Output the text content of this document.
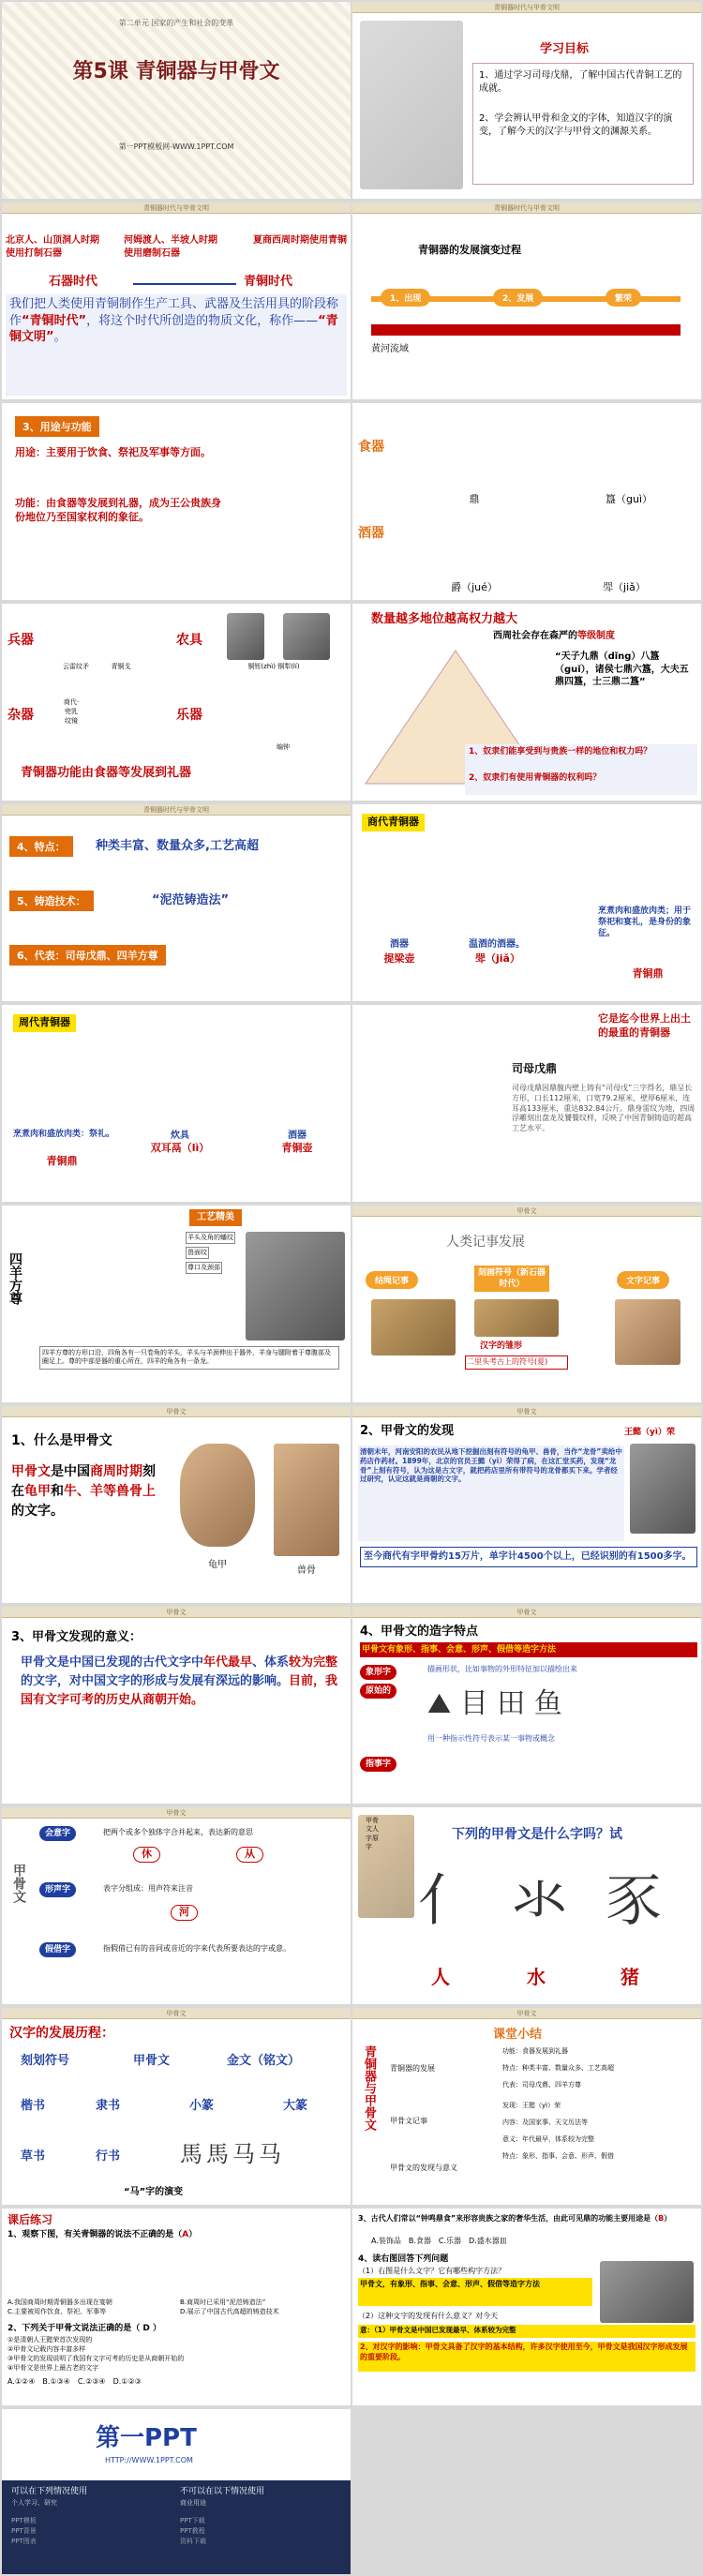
第二单元 国家的产生和社会的变革
第5课 青铜器与甲骨文
第一PPT模板网-WWW.1PPT.COM
青铜器时代与甲骨文明
学习目标
1、通过学习司母戊鼎，了解中国古代青铜工艺的成就。
2、学会辨认甲骨和金文的字体，知道汉字的演变，了解今天的汉字与甲骨文的渊源关系。
青铜器时代与甲骨文明
北京人、山顶洞人时期使用打制石器
河姆渡人、半坡人时期使用磨制石器
夏商西周时期使用青铜
石器时代	青铜时代
我们把人类使用青铜制作生产工具、武器及生活用具的阶段称作“青铜时代”，将这个时代所创造的物质文化，称作——“青铜文明”。
青铜器时代与甲骨文明
青铜器的发展演变过程
1、出现	2、发展	繁荣
黄河流域
3、用途与功能
用途：主要用于饮食、祭祀及军事等方面。
功能：由食器等发展到礼器，成为王公贵族身份地位乃至国家权利的象征。
食器
酒器
鼎	簋（guì）
爵（jué）	斝（jiǎ）
兵器
云雷纹矛	青铜戈
农具
铜铚(zhì) 铜犁(lí)
杂器
商代·兜乳纹镜	乐器
编钟
青铜器功能由食器等发展到礼器
数量越多地位越高权力越大
西周社会存在森严的等级制度
“天子九鼎（dǐng）八簋（guǐ），诸侯七鼎六簋，大夫五鼎四簋，士三鼎二簋”
1、奴隶们能享受到与贵族一样的地位和权力吗？
2、奴隶们有使用青铜器的权利吗？
青铜器时代与甲骨文明
4、特点：	种类丰富、数量众多,工艺高超
5、铸造技术：	“泥范铸造法”
6、代表：司母戊鼎、四羊方尊
商代青铜器
酒器
提梁壶
温酒的酒器。
斝（jiǎ）
烹煮肉和盛放肉类；用于祭祀和宴礼，是身份的象征。
青铜鼎
周代青铜器
烹煮肉和盛放肉类：祭礼。
青铜鼎
炊具
双耳鬲（lì）
酒器
青铜壶
它是迄今世界上出土的最重的青铜器
司母戊鼎
司母戊鼎因鼎腹内壁上铸有“司母戊”三字得名，鼎呈长方形，口长112厘米，口宽79.2厘米，壁厚6厘米，连耳高133厘米，重达832.84公斤。鼎身雷纹为地，四周浮雕刻出盘龙及饕餮纹样，反映了中国青铜铸造的超高工艺水平。
四羊方尊
工艺精美
羊头及角的蟠纹
兽面纹
尊口及颈部
四羊方尊的方形口沿，四角各有一只卷角的羊头，羊头与羊颈伸出于器外，羊身与腿附着于尊腹部及圈足上。尊的中部是器的重心所在，四羊的角各有一条龙。
甲骨文
人类记事发展
结绳记事
刻画符号（新石器时代）	文字记事
汉字的雏形
二里头考古上的符号(夏)
甲骨文
1、什么是甲骨文
甲骨文是中国商周时期刻在龟甲和牛、羊等兽骨上的文字。
龟甲
兽骨
甲骨文
2、甲骨文的发现	王懿（yì）荣
清朝末年，河南安阳的农民从地下挖掘出刻有符号的龟甲、兽骨，当作“龙骨”卖给中药店作药材。1899年，北京的官员王懿（yì）荣得了病，在这汇堂买药，发现“龙骨”上刻有符号，认为这是古文字，就把药店里所有带符号的龙骨都买下来。学者经过研究，认定这就是商朝的文字。
至今商代有字甲骨约15万片，单字计4500个以上，已经识别的有1500多字。
甲骨文
3、甲骨文发现的意义：
甲骨文是中国已发现的古代文字中年代最早、体系较为完整的文字，对中国文字的形成与发展有深远的影响。目前，我国有文字可考的历史从商朝开始。
甲骨文
4、甲骨文的造字特点
甲骨文有象形、指事、会意、形声、假借等造字方法
象形字	描画形状，比如事物的外形特征加以描绘出来
原始的 ⛰ 目 田 鱼
用一种指示性符号表示某一事物或概念
指事字
甲骨文
甲骨文
会意字	把两个或多个独体字合并起来，表达新的意思
休	从
形声字	表字分组成：用声符来注音
河
假借字	指假借已有的音同或音近的字来代表所要表达的字或意。
甲骨文人字原字
下列的甲骨文是什么字吗？试
亻 氺 豕
人	水	猪
甲骨文
汉字的发展历程：
刻划符号	甲骨文	金文（铭文）
大篆
小篆
隶书
楷书
草书	行书
“马”字的演变
馬馬马马
甲骨文
课堂小结
青铜器与甲骨文 青铜器的发展
甲骨文记事
甲骨文的发现与意义
功能：食器发展到礼器
特点：种类丰富、数量众多、工艺高超
代表：司母戊鼎、四羊方尊
发现：王懿（yì）荣
内容：及国家事、天文历法等
意义：年代最早，体系较为完整
特点：象形、指事、会意、形声、假借
课后练习
1、观察下图，有关青铜器的说法不正确的是（A）
A.我国商周时期青铜器多出现在宴朝	B.商周时已采用“泥范铸造法”
C.主要被用作饮食、祭祀、军事等	D.展示了中国古代高超的铸造技术
2、下列关于甲骨文说法正确的是（ D ）
①是清朝人王懿荣首次发现的
②甲骨文记载内容丰富多样
③甲骨文的发现说明了我国有文字可考的历史是从商朝开始的
④甲骨文是世界上最古老的文字
A.①②④　B.①③④　C.②③④　D.①②③
3、古代人们常以“钟鸣鼎食”来形容贵族之家的奢华生活，由此可见鼎的功能主要用途是（B）
A.装饰品　B.食器　C.乐器　D.盛水器皿
4、读右图回答下列问题
（1）右图是什么文字？它有哪些构字方法？
甲骨文，有象形、指事、会意、形声、假借等造字方法
（2）这种文字的发现有什么意义？对今天
意：（1）甲骨文是中国已发现最早、体系较为完整
2、对汉字的影响：甲骨文具备了汉字的基本结构，许多汉字使用至今，甲骨文是我国汉字形成发展的重要阶段。
第一PPT
HTTP://WWW.1PPT.COM
可以在下列情况使用	不可以在以下情况使用
个人学习、研究	商业用途
PPT模板
PPT背景
PPT图表
PPT下载
PPT教程
资料下载
